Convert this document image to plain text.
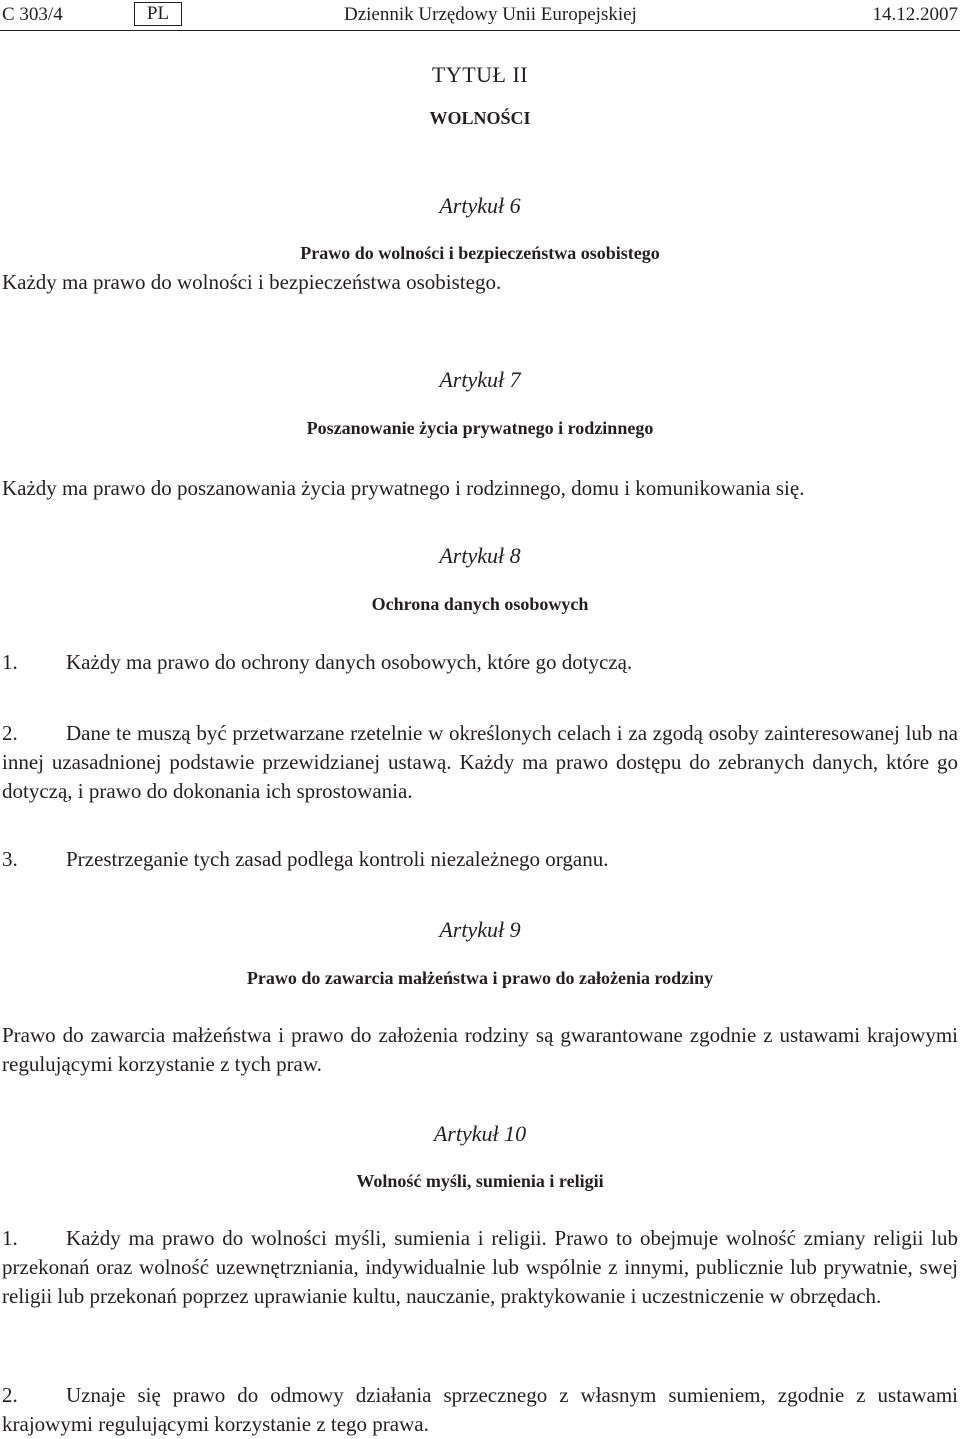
C 303/4	PL	Dziennik Urzędowy Unii Europejskiej	14.12.2007
TYTUŁ II
WOLNOŚCI
Artykuł 6
Prawo do wolności i bezpieczeństwa osobistego

Każdy ma prawo do wolności i bezpieczeństwa osobistego.

Artykuł 7
Poszanowanie życia prywatnego i rodzinnego

Każdy ma prawo do poszanowania życia prywatnego i rodzinnego, domu i komunikowania się.

Artykuł 8
Ochrona danych osobowych

1. Każdy ma prawo do ochrony danych osobowych, które go dotyczą.

2. Dane te muszą być przetwarzane rzetelnie w określonych celach i za zgodą osoby zainteresowanej lub na innej uzasadnionej podstawie przewidzianej ustawą. Każdy ma prawo dostępu do zebranych danych, które go dotyczą, i prawo do dokonania ich sprostowania.

3. Przestrzeganie tych zasad podlega kontroli niezależnego organu.

Artykuł 9
Prawo do zawarcia małżeństwa i prawo do założenia rodziny

Prawo do zawarcia małżeństwa i prawo do założenia rodziny są gwarantowane zgodnie z ustawami krajowymi regulującymi korzystanie z tych praw.

Artykuł 10
Wolność myśli, sumienia i religii

1. Każdy ma prawo do wolności myśli, sumienia i religii. Prawo to obejmuje wolność zmiany religii lub przekonań oraz wolność uzewnętrzniania, indywidualnie lub wspólnie z innymi, publicznie lub prywatnie, swej religii lub przekonań poprzez uprawianie kultu, nauczanie, praktykowanie i uczestniczenie w obrzędach.

2. Uznaje się prawo do odmowy działania sprzecznego z własnym sumieniem, zgodnie z ustawami krajowymi regulującymi korzystanie z tego prawa.
